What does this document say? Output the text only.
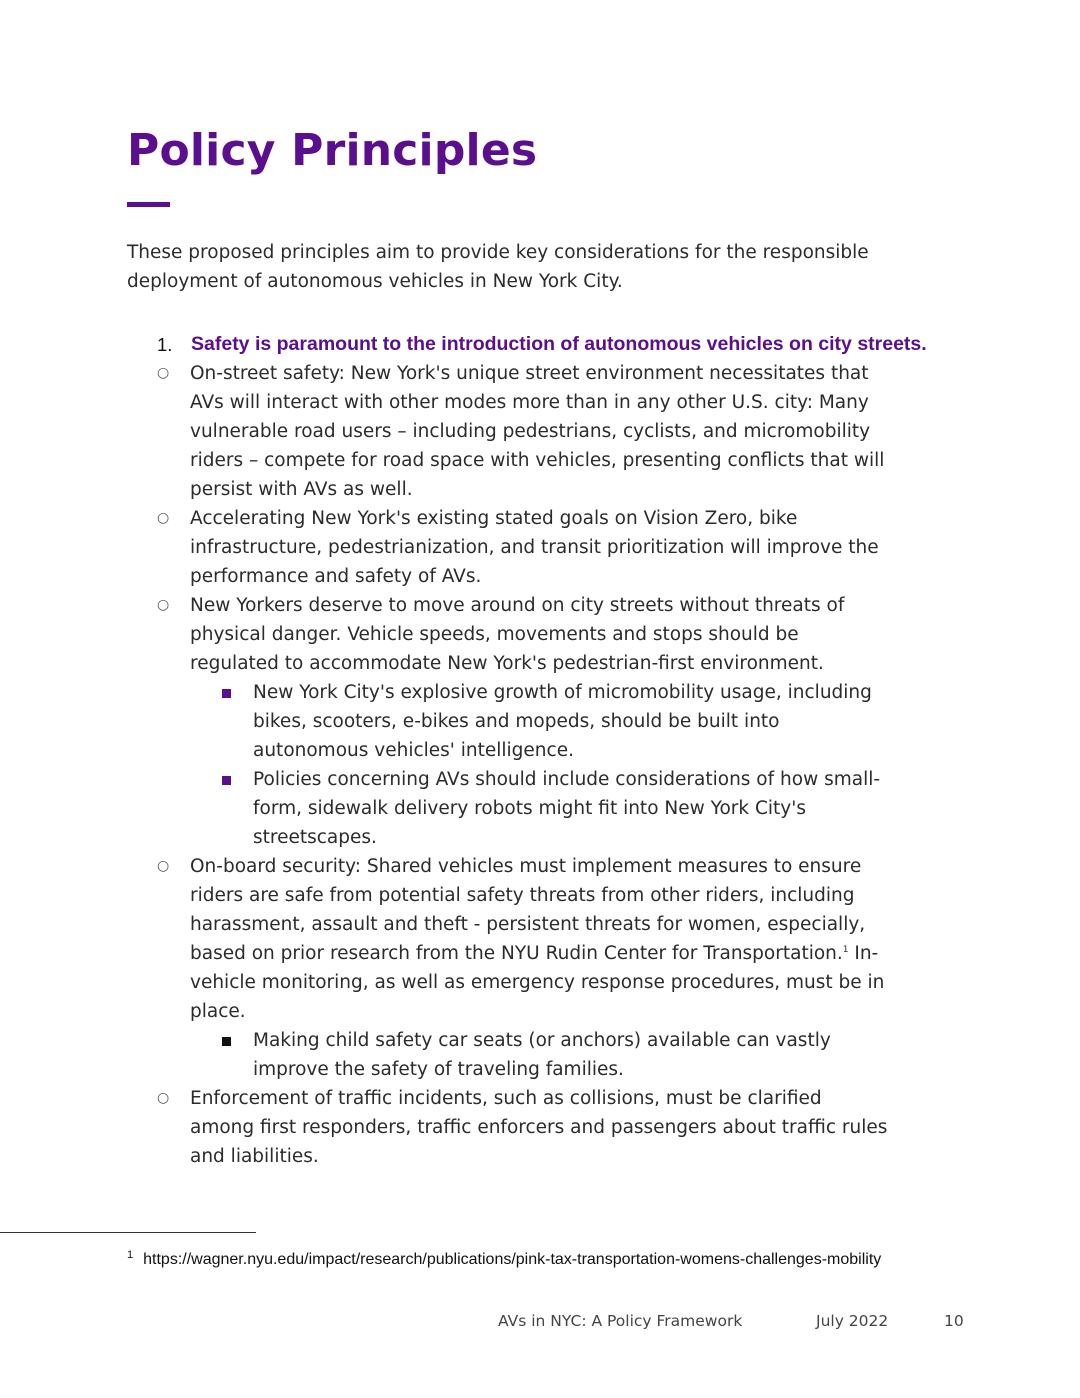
Policy Principles

These proposed principles aim to provide key considerations for the responsible deployment of autonomous vehicles in New York City.

1. Safety is paramount to the introduction of autonomous vehicles on city streets.
○ On-street safety: New York's unique street environment necessitates that AVs will interact with other modes more than in any other U.S. city: Many vulnerable road users – including pedestrians, cyclists, and micromobility riders – compete for road space with vehicles, presenting conflicts that will persist with AVs as well.
○ Accelerating New York's existing stated goals on Vision Zero, bike infrastructure, pedestrianization, and transit prioritization will improve the performance and safety of AVs.
○ New Yorkers deserve to move around on city streets without threats of physical danger. Vehicle speeds, movements and stops should be regulated to accommodate New York's pedestrian-first environment.
New York City's explosive growth of micromobility usage, including bikes, scooters, e-bikes and mopeds, should be built into autonomous vehicles' intelligence.
Policies concerning AVs should include considerations of how small-form, sidewalk delivery robots might fit into New York City's streetscapes.
○ On-board security: Shared vehicles must implement measures to ensure riders are safe from potential safety threats from other riders, including harassment, assault and theft - persistent threats for women, especially, based on prior research from the NYU Rudin Center for Transportation.$^1$ In-vehicle monitoring, as well as emergency response procedures, must be in place.
Making child safety car seats (or anchors) available can vastly improve the safety of traveling families.
○ Enforcement of traffic incidents, such as collisions, must be clarified among first responders, traffic enforcers and passengers about traffic rules and liabilities.
$^1$ https://wagner.nyu.edu/impact/research/publications/pink-tax-transportation-womens-challenges-mobility
AVs in NYC: A Policy Framework	July 2022	10
